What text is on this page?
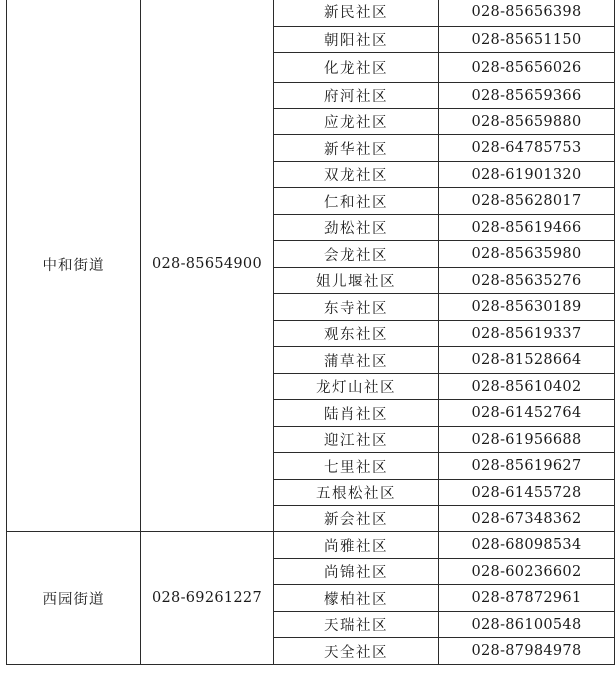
中和街道	028-85654900	新民社区	028-85656398
		朝阳社区	028-85651150
		化龙社区	028-85656026
		府河社区	028-85659366
		应龙社区	028-85659880
		新华社区	028-64785753
		双龙社区	028-61901320
		仁和社区	028-85628017
		劲松社区	028-85619466
		会龙社区	028-85635980
		姐儿堰社区	028-85635276
		东寺社区	028-85630189
		观东社区	028-85619337
		蒲草社区	028-81528664
		龙灯山社区	028-85610402
		陆肖社区	028-61452764
		迎江社区	028-61956688
		七里社区	028-85619627
		五根松社区	028-61455728
		新会社区	028-67348362
西园街道	028-69261227	尚雅社区	028-68098534
		尚锦社区	028-60236602
		檬柏社区	028-87872961
		天瑞社区	028-86100548
		天全社区	028-87984978
